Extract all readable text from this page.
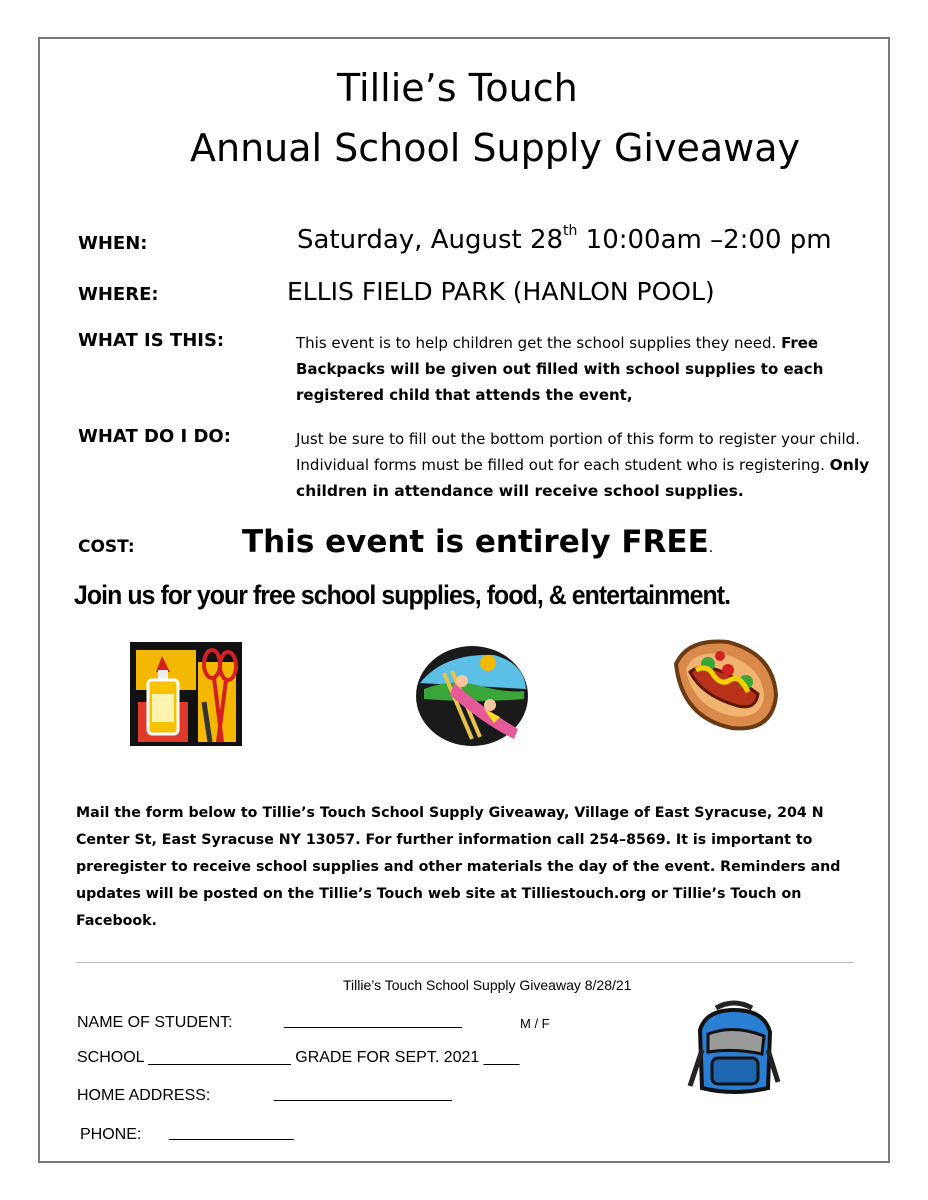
Tillie’s Touch
Annual School Supply Giveaway
WHEN:	Saturday, August 28th 10:00am –2:00 pm
WHERE:	ELLIS FIELD PARK (HANLON POOL)
WHAT IS THIS:	This event is to help children get the school supplies they need. Free Backpacks will be given out filled with school supplies to each registered child that attends the event,
WHAT DO I DO:	Just be sure to fill out the bottom portion of this form to register your child. Individual forms must be filled out for each student who is registering. Only children in attendance will receive school supplies.
COST:	This event is entirely FREE.
Join us for your free school supplies, food, & entertainment.
Mail the form below to Tillie’s Touch School Supply Giveaway, Village of East Syracuse, 204 N Center St, East Syracuse NY 13057. For further information call 254–8569. It is important to preregister to receive school supplies and other materials the day of the event. Reminders and updates will be posted on the Tillie’s Touch web site at Tilliestouch.org or Tillie’s Touch on Facebook.
Tillie’s Touch School Supply Giveaway 8/28/21
NAME OF STUDENT:	____________________	M / F
SCHOOL ________________ GRADE FOR SEPT. 2021 ____
HOME ADDRESS:	____________________
PHONE: ______________
